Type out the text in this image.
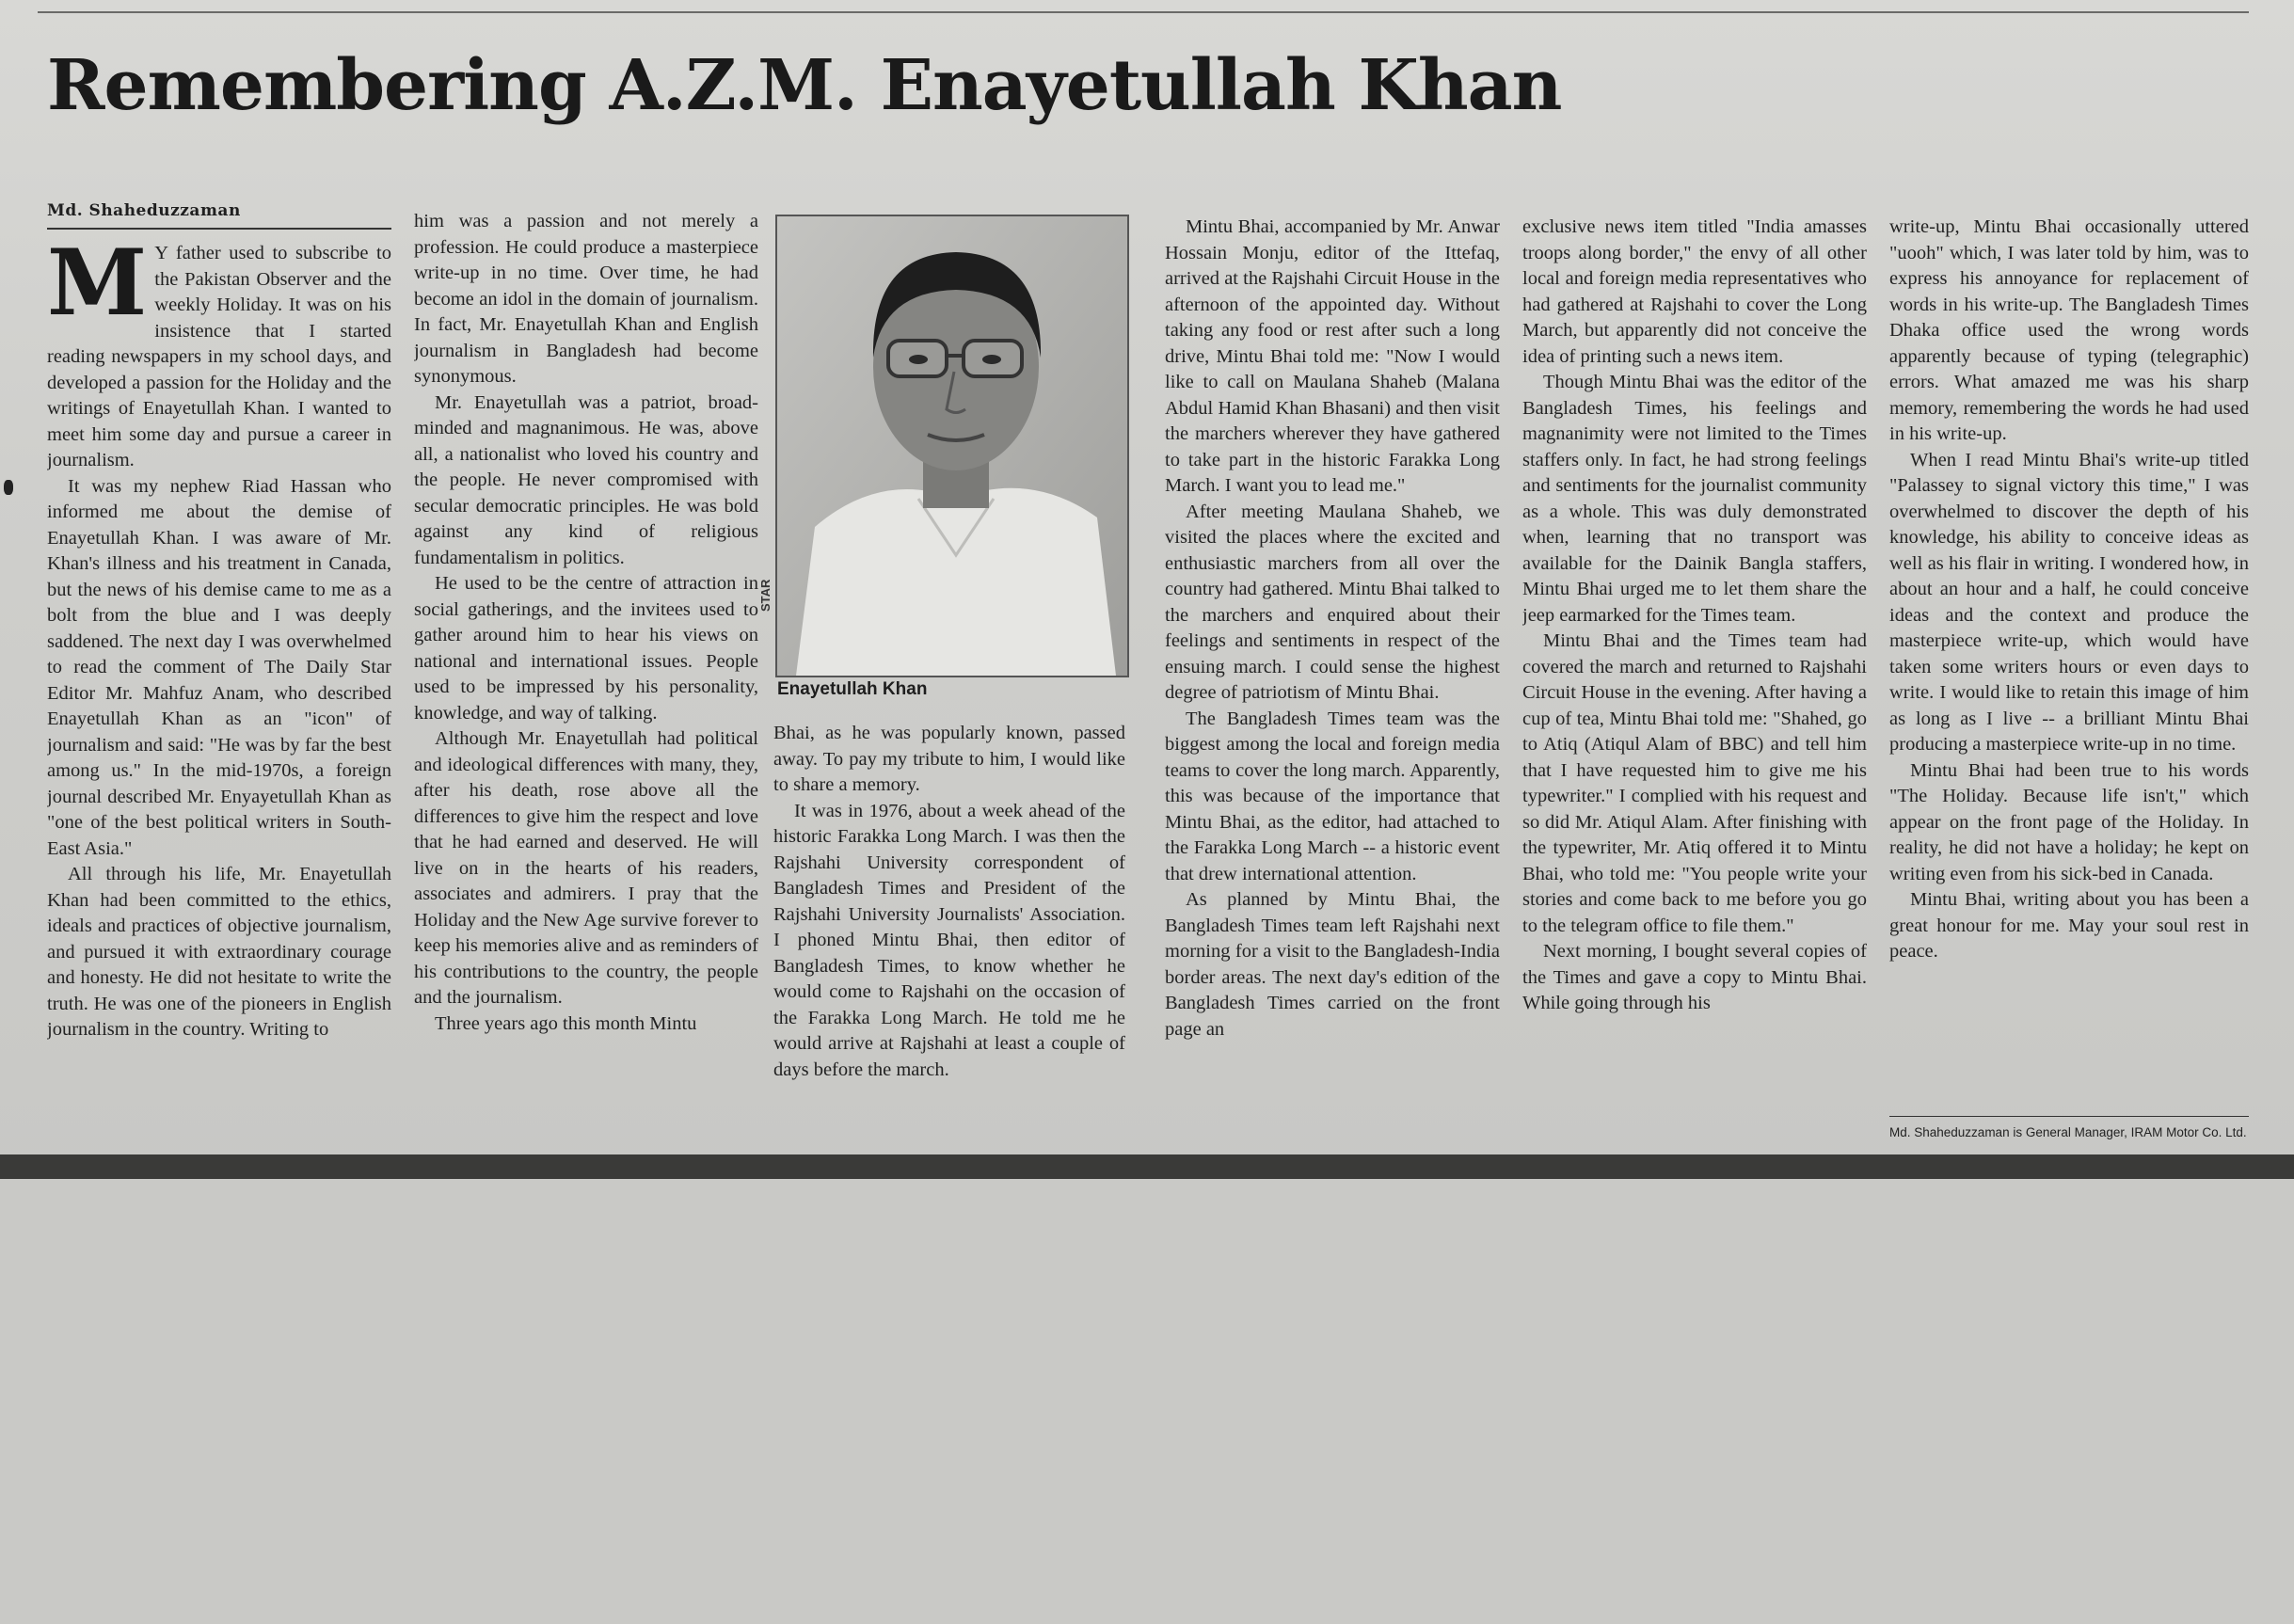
Remembering A.Z.M. Enayetullah Khan
Md. Shaheduzzaman

M Y father used to subscribe to the Pakistan Observer and the weekly Holiday. It was on his insistence that I started reading newspapers in my school days, and developed a passion for the Holiday and the writings of Enayetullah Khan. I wanted to meet him some day and pursue a career in journalism.

It was my nephew Riad Hassan who informed me about the demise of Enayetullah Khan. I was aware of Mr. Khan's illness and his treatment in Canada, but the news of his demise came to me as a bolt from the blue and I was deeply saddened. The next day I was overwhelmed to read the comment of The Daily Star Editor Mr. Mahfuz Anam, who described Enayetullah Khan as an "icon" of journalism and said: "He was by far the best among us." In the mid-1970s, a foreign journal described Mr. Enyayetullah Khan as "one of the best political writers in South-East Asia."

All through his life, Mr. Enayetullah Khan had been committed to the ethics, ideals and practices of objective journalism, and pursued it with extraordinary courage and honesty. He did not hesitate to write the truth. He was one of the pioneers in English journalism in the country. Writing to

him was a passion and not merely a profession. He could produce a masterpiece write-up in no time. Over time, he had become an idol in the domain of journalism. In fact, Mr. Enayetullah Khan and English journalism in Bangladesh had become synonymous.

Mr. Enayetullah was a patriot, broad-minded and magnanimous. He was, above all, a nationalist who loved his country and the people. He never compromised with secular democratic principles. He was bold against any kind of religious fundamentalism in politics.

He used to be the centre of attraction in social gatherings, and the invitees used to gather around him to hear his views on national and international issues. People used to be impressed by his personality, knowledge, and way of talking.

Although Mr. Enayetullah had political and ideological differences with many, they, after his death, rose above all the differences to give him the respect and love that he had earned and deserved. He will live on in the hearts of his readers, associates and admirers. I pray that the Holiday and the New Age survive forever to keep his memories alive and as reminders of his contributions to the country, the people and the journalism.

Three years ago this month Mintu

STAR
Enayetullah Khan

Bhai, as he was popularly known, passed away. To pay my tribute to him, I would like to share a memory.

It was in 1976, about a week ahead of the historic Farakka Long March. I was then the Rajshahi University correspondent of Bangladesh Times and President of the Rajshahi University Journalists' Association. I phoned Mintu Bhai, then editor of Bangladesh Times, to know whether he would come to Rajshahi on the occasion of the Farakka Long March. He told me he would arrive at Rajshahi at least a couple of days before the march.

Mintu Bhai, accompanied by Mr. Anwar Hossain Monju, editor of the Ittefaq, arrived at the Rajshahi Circuit House in the afternoon of the appointed day. Without taking any food or rest after such a long drive, Mintu Bhai told me: "Now I would like to call on Maulana Shaheb (Malana Abdul Hamid Khan Bhasani) and then visit the marchers wherever they have gathered to take part in the historic Farakka Long March. I want you to lead me."

After meeting Maulana Shaheb, we visited the places where the excited and enthusiastic marchers from all over the country had gathered. Mintu Bhai talked to the marchers and enquired about their feelings and sentiments in respect of the ensuing march. I could sense the highest degree of patriotism of Mintu Bhai.

The Bangladesh Times team was the biggest among the local and foreign media teams to cover the long march. Apparently, this was because of the importance that Mintu Bhai, as the editor, had attached to the Farakka Long March -- a historic event that drew international attention.

As planned by Mintu Bhai, the Bangladesh Times team left Rajshahi next morning for a visit to the Bangladesh-India border areas. The next day's edition of the Bangladesh Times carried on the front page an

exclusive news item titled "India amasses troops along border," the envy of all other local and foreign media representatives who had gathered at Rajshahi to cover the Long March, but apparently did not conceive the idea of printing such a news item.

Though Mintu Bhai was the editor of the Bangladesh Times, his feelings and magnanimity were not limited to the Times staffers only. In fact, he had strong feelings and sentiments for the journalist community as a whole. This was duly demonstrated when, learning that no transport was available for the Dainik Bangla staffers, Mintu Bhai urged me to let them share the jeep earmarked for the Times team.

Mintu Bhai and the Times team had covered the march and returned to Rajshahi Circuit House in the evening. After having a cup of tea, Mintu Bhai told me: "Shahed, go to Atiq (Atiqul Alam of BBC) and tell him that I have requested him to give me his typewriter." I complied with his request and so did Mr. Atiqul Alam. After finishing with the typewriter, Mr. Atiq offered it to Mintu Bhai, who told me: "You people write your stories and come back to me before you go to the telegram office to file them."

Next morning, I bought several copies of the Times and gave a copy to Mintu Bhai. While going through his

write-up, Mintu Bhai occasionally uttered "uooh" which, I was later told by him, was to express his annoyance for replacement of words in his write-up. The Bangladesh Times Dhaka office used the wrong words apparently because of typing (telegraphic) errors. What amazed me was his sharp memory, remembering the words he had used in his write-up.

When I read Mintu Bhai's write-up titled "Palassey to signal victory this time," I was overwhelmed to discover the depth of his knowledge, his ability to conceive ideas as well as his flair in writing. I wondered how, in about an hour and a half, he could conceive ideas and the context and produce the masterpiece write-up, which would have taken some writers hours or even days to write. I would like to retain this image of him as long as I live -- a brilliant Mintu Bhai producing a masterpiece write-up in no time.

Mintu Bhai had been true to his words "The Holiday. Because life isn't," which appear on the front page of the Holiday. In reality, he did not have a holiday; he kept on writing even from his sick-bed in Canada.

Mintu Bhai, writing about you has been a great honour for me. May your soul rest in peace.

Md. Shaheduzzaman is General Manager, IRAM Motor Co. Ltd.
